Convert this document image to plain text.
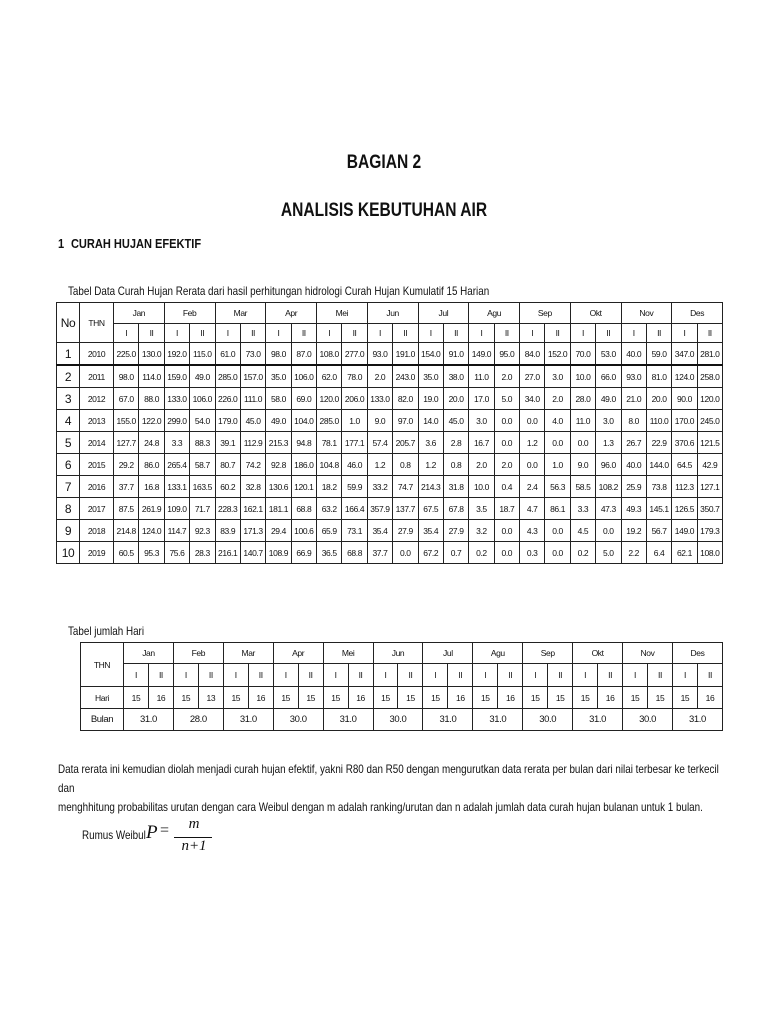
BAGIAN 2
ANALISIS KEBUTUHAN AIR
1 CURAH HUJAN EFEKTIF
Tabel Data Curah Hujan Rerata dari hasil perhitungan hidrologi Curah Hujan Kumulatif 15 Harian
No	THN	Jan		Feb		Mar		Apr		Mei		Jun		Jul		Agu		Sep		Okt		Nov		Des	
		I	II	I	II	I	II	I	II	I	II	I	II	I	II	I	II	I	II	I	II	I	II	I	II
1	2010	225.0	130.0	192.0	115.0	61.0	73.0	98.0	87.0	108.0	277.0	93.0	191.0	154.0	91.0	149.0	95.0	84.0	152.0	70.0	53.0	40.0	59.0	347.0	281.0
2	2011	98.0	114.0	159.0	49.0	285.0	157.0	35.0	106.0	62.0	78.0	2.0	243.0	35.0	38.0	11.0	2.0	27.0	3.0	10.0	66.0	93.0	81.0	124.0	258.0
3	2012	67.0	88.0	133.0	106.0	226.0	111.0	58.0	69.0	120.0	206.0	133.0	82.0	19.0	20.0	17.0	5.0	34.0	2.0	28.0	49.0	21.0	20.0	90.0	120.0
4	2013	155.0	122.0	299.0	54.0	179.0	45.0	49.0	104.0	285.0	1.0	9.0	97.0	14.0	45.0	3.0	0.0	0.0	4.0	11.0	3.0	8.0	110.0	170.0	245.0
5	2014	127.7	24.8	3.3	88.3	39.1	112.9	215.3	94.8	78.1	177.1	57.4	205.7	3.6	2.8	16.7	0.0	1.2	0.0	0.0	1.3	26.7	22.9	370.6	121.5
6	2015	29.2	86.0	265.4	58.7	80.7	74.2	92.8	186.0	104.8	46.0	1.2	0.8	1.2	0.8	2.0	2.0	0.0	1.0	9.0	96.0	40.0	144.0	64.5	42.9
7	2016	37.7	16.8	133.1	163.5	60.2	32.8	130.6	120.1	18.2	59.9	33.2	74.7	214.3	31.8	10.0	0.4	2.4	56.3	58.5	108.2	25.9	73.8	112.3	127.1
8	2017	87.5	261.9	109.0	71.7	228.3	162.1	181.1	68.8	63.2	166.4	357.9	137.7	67.5	67.8	3.5	18.7	4.7	86.1	3.3	47.3	49.3	145.1	126.5	350.7
9	2018	214.8	124.0	114.7	92.3	83.9	171.3	29.4	100.6	65.9	73.1	35.4	27.9	35.4	27.9	3.2	0.0	4.3	0.0	4.5	0.0	19.2	56.7	149.0	179.3
10	2019	60.5	95.3	75.6	28.3	216.1	140.7	108.9	66.9	36.5	68.8	37.7	0.0	67.2	0.7	0.2	0.0	0.3	0.0	0.2	5.0	2.2	6.4	62.1	108.0
Tabel jumlah Hari
THN	Jan		Feb		Mar		Apr		Mei		Jun		Jul		Agu		Sep		Okt		Nov		Des	
	I	II	I	II	I	II	I	II	I	II	I	II	I	II	I	II	I	II	I	II	I	II	I	II
Hari	15	16	15	13	15	16	15	15	15	16	15	15	15	16	15	16	15	15	15	16	15	15	15	16
Bulan	31.0		28.0		31.0		30.0		31.0		30.0		31.0		31.0		30.0		31.0		30.0		31.0	
Data rerata ini kemudian diolah menjadi curah hujan efektif, yakni R80 dan R50 dengan mengurutkan data rerata per bulan dari nilai terbesar ke terkecil dan
menghhitung probabilitas urutan dengan cara Weibul dengan m adalah ranking/urutan dan n adalah jumlah data curah hujan bulanan untuk 1 bulan.
Rumus Weibul P =	m
n+1
